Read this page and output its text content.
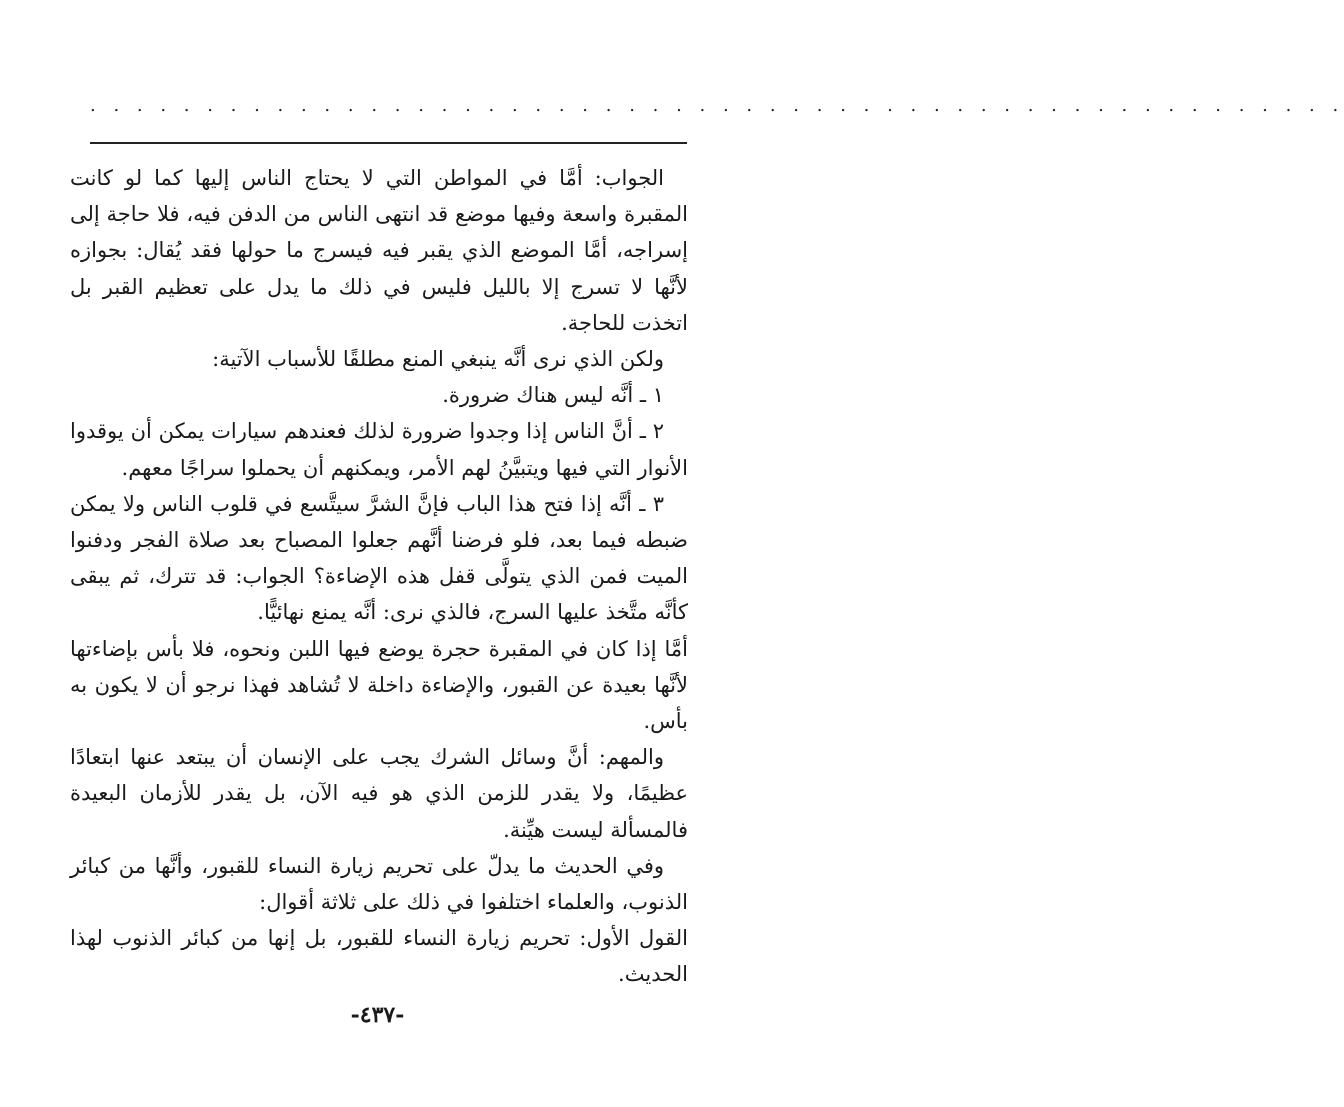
. . . . . . . . . . . . . . . . . . . . . . . . . . . . . . . . . . . . . . . . . . . . . . . . . . . . . .

الجواب: أمَّا في المواطن التي لا يحتاج الناس إليها كما لو كانت المقبرة واسعة وفيها موضع قد انتهى الناس من الدفن فيه، فلا حاجة إلى إسراجه، أمَّا الموضع الذي يقبر فيه فيسرج ما حولها فقد يُقال: بجوازه لأنَّها لا تسرج إلا بالليل فليس في ذلك ما يدل على تعظيم القبر بل اتخذت للحاجة.

ولكن الذي نرى أنَّه ينبغي المنع مطلقًا للأسباب الآتية:

١ ـ أنَّه ليس هناك ضرورة.

٢ ـ أنَّ الناس إذا وجدوا ضرورة لذلك فعندهم سيارات يمكن أن يوقدوا الأنوار التي فيها ويتبيَّنُ لهم الأمر، ويمكنهم أن يحملوا سراجًا معهم.

٣ ـ أنَّه إذا فتح هذا الباب فإنَّ الشرَّ سيتَّسع في قلوب الناس ولا يمكن ضبطه فيما بعد، فلو فرضنا أنَّهم جعلوا المصباح بعد صلاة الفجر ودفنوا الميت فمن الذي يتولَّى قفل هذه الإضاءة؟ الجواب: قد تترك، ثم يبقى كأنَّه متَّخذ عليها السرج، فالذي نرى: أنَّه يمنع نهائيًّا.

أمَّا إذا كان في المقبرة حجرة يوضع فيها اللبن ونحوه، فلا بأس بإضاءتها لأنَّها بعيدة عن القبور، والإضاءة داخلة لا تُشاهد فهذا نرجو أن لا يكون به بأس.

والمهم: أنَّ وسائل الشرك يجب على الإنسان أن يبتعد عنها ابتعادًا عظيمًا، ولا يقدر للزمن الذي هو فيه الآن، بل يقدر للأزمان البعيدة فالمسألة ليست هيِّنة.

وفي الحديث ما يدلّ على تحريم زيارة النساء للقبور، وأنَّها من كبائر الذنوب، والعلماء اختلفوا في ذلك على ثلاثة أقوال:

القول الأول: تحريم زيارة النساء للقبور، بل إنها من كبائر الذنوب لهذا الحديث.

-٤٣٧-
